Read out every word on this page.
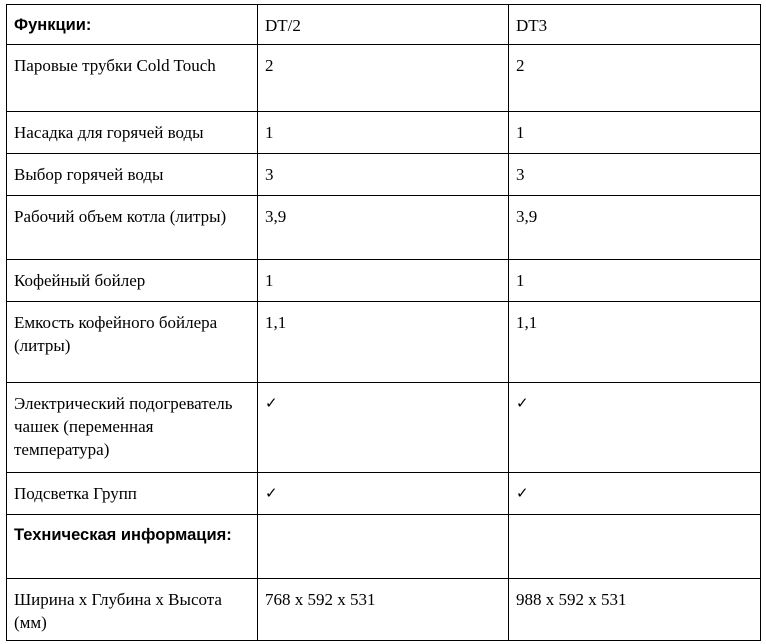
Функции:	DT/2	DT3
Паровые трубки Cold Touch	2	2
Насадка для горячей воды	1	1
Выбор горячей воды	3	3
Рабочий объем котла (литры)	3,9	3,9
Кофейный бойлер	1	1
Емкость кофейного бойлера (литры)	1,1	1,1
Электрический подогреватель чашек (переменная температура)	✓	✓
Подсветка Групп	✓	✓
Техническая информация:		
Ширина х Глубина х Высота (мм)	768 x 592 x 531	988 x 592 x 531
